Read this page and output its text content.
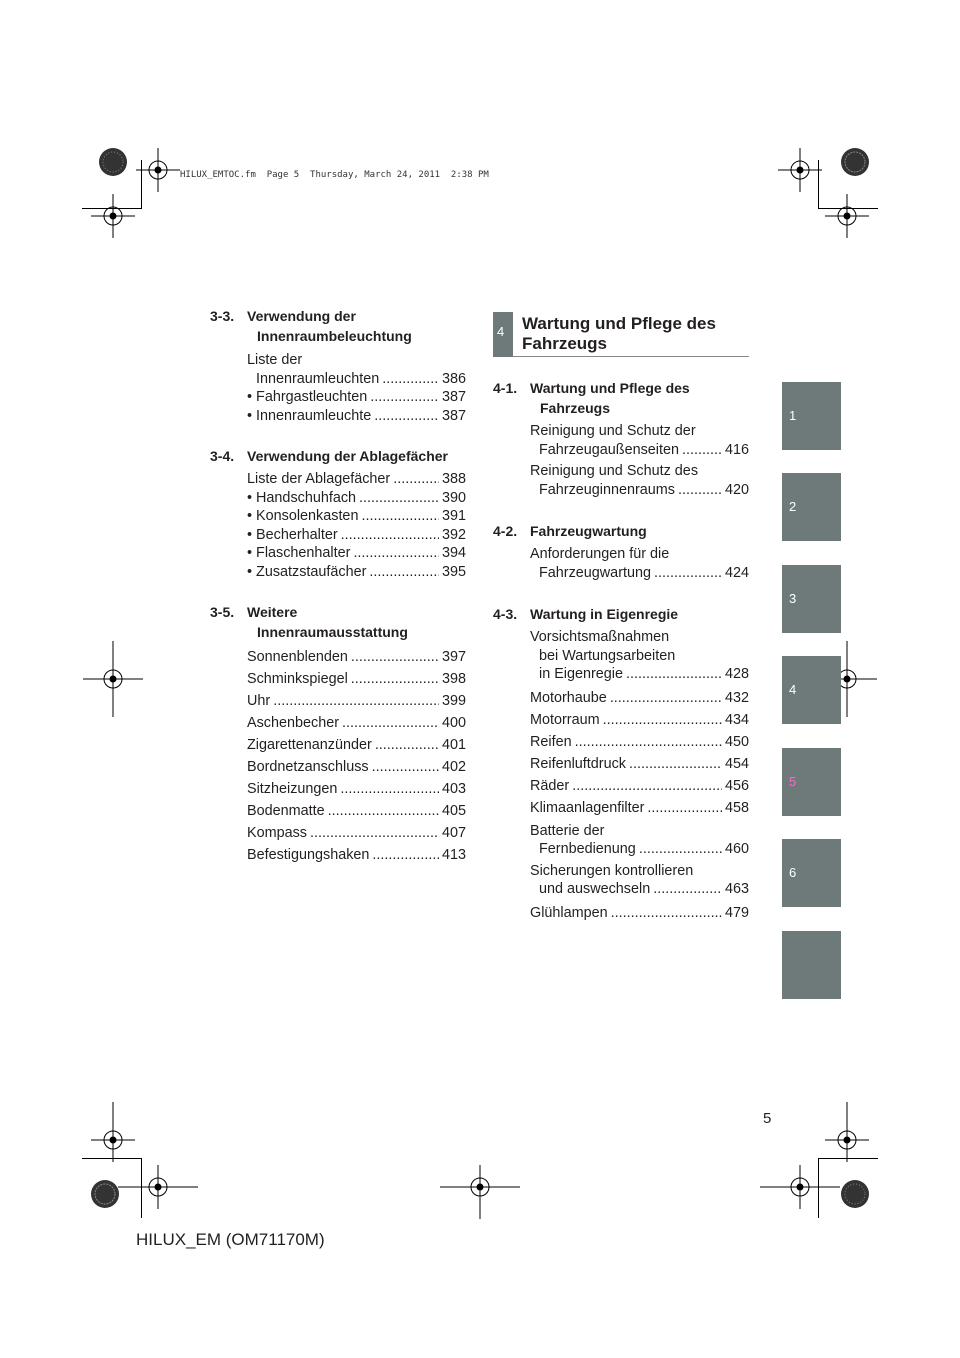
HILUX_EMTOC.fm  Page 5  Thursday, March 24, 2011  2:38 PM
3-3. Verwendung der
Innenraumbeleuchtung
Liste der
Innenraumleuchten .....	386
• Fahrgastleuchten .....	387
• Innenraumleuchte .....	387
3-4. Verwendung der Ablagefächer
Liste der Ablagefächer .....	388
• Handschuhfach .....	390
• Konsolenkasten .....	391
• Becherhalter .....	392
• Flaschenhalter .....	394
• Zusatzstaufächer .....	395
3-5. Weitere
Innenraumausstattung
Sonnenblenden .....	397
Schminkspiegel .....	398
Uhr .....	399
Aschenbecher .....	400
Zigarettenanzünder .....	401
Bordnetzanschluss .....	402
Sitzheizungen .....	403
Bodenmatte .....	405
Kompass .....	407
Befestigungshaken .....	413
4 Wartung und Pflege des
Fahrzeugs
4-1. Wartung und Pflege des
Fahrzeugs
Reinigung und Schutz der
Fahrzeugaußenseiten .....	416
Reinigung und Schutz des
Fahrzeuginnenraums .....	420
4-2. Fahrzeugwartung
Anforderungen für die
Fahrzeugwartung .....	424
4-3. Wartung in Eigenregie
Vorsichtsmaßnahmen
bei Wartungsarbeiten
in Eigenregie .....	428
Motorhaube .....	432
Motorraum .....	434
Reifen .....	450
Reifenluftdruck .....	454
Räder .....	456
Klimaanlagenfilter .....	458
Batterie der
Fernbedienung .....	460
Sicherungen kontrollieren
und auswechseln .....	463
Glühlampen .....	479
1
2
3
4
5
6
5
HILUX_EM (OM71170M)
